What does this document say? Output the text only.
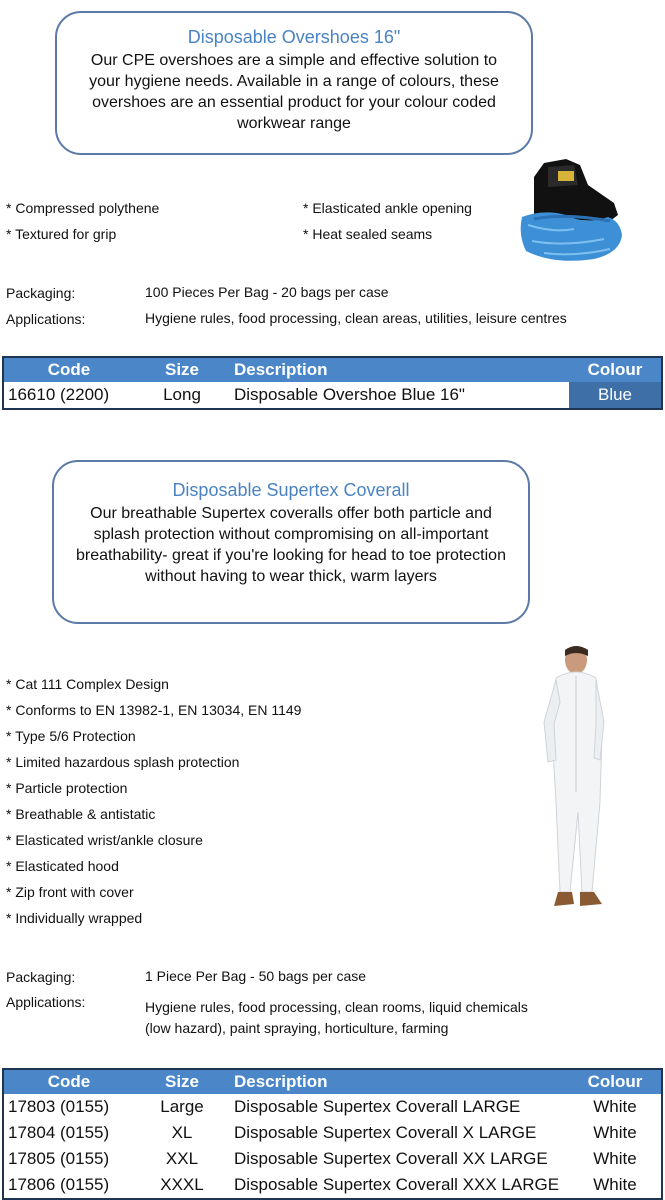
Disposable Overshoes 16"
Our CPE overshoes are a simple and effective solution to your hygiene needs. Available in a range of colours, these overshoes are an essential product for your colour coded workwear range
* Compressed polythene
* Textured for grip
* Elasticated ankle opening
* Heat sealed seams
Packaging:	100 Pieces Per Bag - 20 bags per case
Applications:	Hygiene rules, food processing, clean areas, utilities, leisure centres
Code	Size	Description	Colour
16610 (2200)	Long	Disposable Overshoe Blue 16"	Blue
Disposable Supertex Coverall
Our breathable Supertex coveralls offer both particle and splash protection without compromising on all-important breathability- great if you're looking for head to toe protection without having to wear thick, warm layers
* Cat 111 Complex Design
* Conforms to EN 13982-1, EN 13034, EN 1149
* Type 5/6 Protection
* Limited hazardous splash protection
* Particle protection
* Breathable & antistatic
* Elasticated wrist/ankle closure
* Elasticated hood
* Zip front with cover
* Individually wrapped
Packaging:	1 Piece Per Bag - 50 bags per case
Applications:	Hygiene rules, food processing, clean rooms, liquid chemicals
(low hazard), paint spraying, horticulture, farming
Code	Size	Description	Colour
17803 (0155)	Large	Disposable Supertex Coverall LARGE	White
17804 (0155)	XL	Disposable Supertex Coverall X LARGE	White
17805 (0155)	XXL	Disposable Supertex Coverall XX LARGE	White
17806 (0155)	XXXL	Disposable Supertex Coverall XXX LARGE	White
